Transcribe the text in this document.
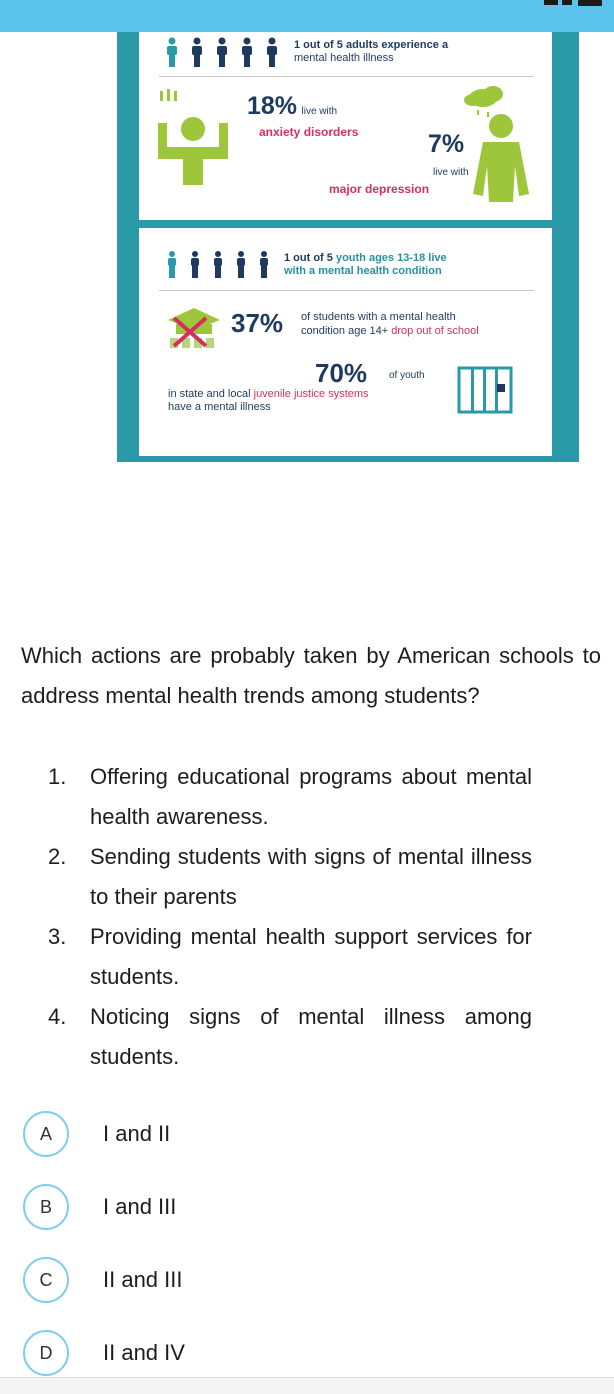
1 out of 5 adults experience a
mental health illness
18% live with
anxiety disorders	7%
live with
major depression
1 out of 5 youth ages 13-18 live
with a mental health condition
37% of students with a mental health
condition age 14+ drop out of school
70% of youth
in state and local juvenile justice systems
have a mental illness
Data Source: National Alliance on Mental Illness: https://www.nami.org/
Which actions are probably taken by American schools to address mental health trends among students?
1.	Offering educational programs about mental health awareness.
2.	Sending students with signs of mental illness to their parents
3.	Providing mental health support services for students.
4.	Noticing signs of mental illness among students.
A	I and II
B	I and III
C	II and III
D	II and IV
